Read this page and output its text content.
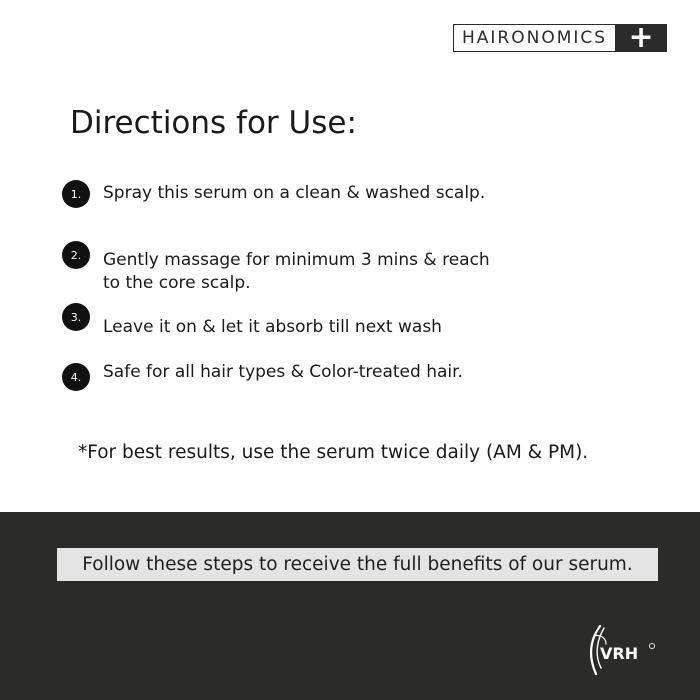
HAIRONOMICS +
Directions for Use:
1.	Spray this serum on a clean & washed scalp.
2.	Gently massage for minimum 3 mins & reach to the core scalp.
3.	Leave it on & let it absorb till next wash
4.	Safe for all hair types & Color-treated hair.
*For best results, use the serum twice daily (AM & PM).
Follow these steps to receive the full benefits of our serum.
VRH
